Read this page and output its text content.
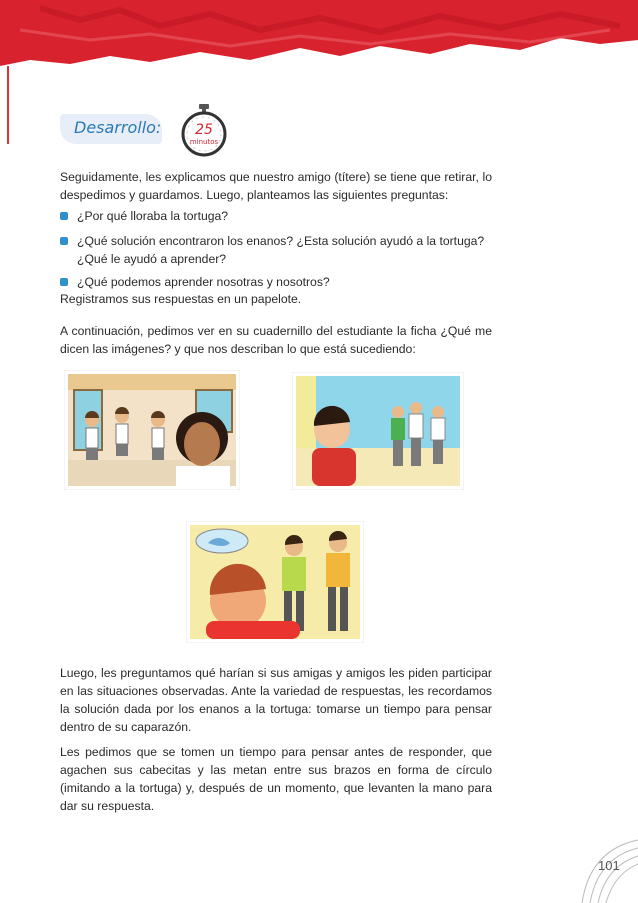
Desarrollo:	25
minutos
Seguidamente, les explicamos que nuestro amigo (títere) se tiene que retirar, lo despedimos y guardamos. Luego, planteamos las siguientes preguntas:
¿Por qué lloraba la tortuga?
¿Qué solución encontraron los enanos? ¿Esta solución ayudó a la tortuga? ¿Qué le ayudó a aprender?
¿Qué podemos aprender nosotras y nosotros?
Registramos sus respuestas en un papelote.
A continuación, pedimos ver en su cuadernillo del estudiante la ficha ¿Qué me dicen las imágenes? y que nos describan lo que está sucediendo:
Luego, les preguntamos qué harían si sus amigas y amigos les piden participar en las situaciones observadas. Ante la variedad de respuestas, les recordamos la solución dada por los enanos a la tortuga: tomarse un tiempo para pensar dentro de su caparazón.
Les pedimos que se tomen un tiempo para pensar antes de responder, que agachen sus cabecitas y las metan entre sus brazos en forma de círculo (imitando a la tortuga) y, después de un momento, que levanten la mano para dar su respuesta.
101
